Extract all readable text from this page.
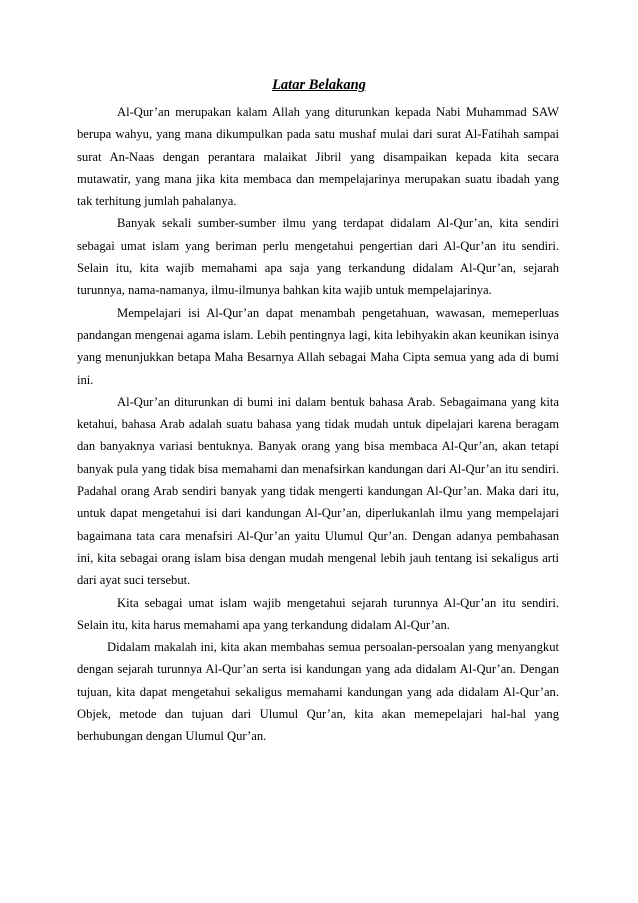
Latar Belakang

Al-Qur’an merupakan kalam Allah yang diturunkan kepada Nabi Muhammad SAW berupa wahyu, yang mana dikumpulkan pada satu mushaf mulai dari surat Al-Fatihah sampai surat An-Naas dengan perantara malaikat Jibril yang disampaikan kepada kita secara mutawatir, yang mana jika kita membaca dan mempelajarinya merupakan suatu ibadah yang tak terhitung jumlah pahalanya.

Banyak sekali sumber-sumber ilmu yang terdapat didalam Al-Qur’an, kita sendiri sebagai umat islam yang beriman perlu mengetahui pengertian dari Al-Qur’an itu sendiri. Selain itu, kita wajib memahami apa saja yang terkandung didalam Al-Qur’an, sejarah turunnya, nama-namanya, ilmu-ilmunya bahkan kita wajib untuk mempelajarinya.

Mempelajari isi Al-Qur’an dapat menambah pengetahuan, wawasan, memeperluas pandangan mengenai agama islam. Lebih pentingnya lagi, kita lebihyakin akan keunikan isinya yang menunjukkan betapa Maha Besarnya Allah sebagai Maha Cipta semua yang ada di bumi ini.

Al-Qur’an diturunkan di bumi ini dalam bentuk bahasa Arab. Sebagaimana yang kita ketahui, bahasa Arab adalah suatu bahasa yang tidak mudah untuk dipelajari karena beragam dan banyaknya variasi bentuknya. Banyak orang yang bisa membaca Al-Qur’an, akan tetapi banyak pula yang tidak bisa memahami dan menafsirkan kandungan dari Al-Qur’an itu sendiri. Padahal orang Arab sendiri banyak yang tidak mengerti kandungan Al-Qur’an. Maka dari itu, untuk dapat mengetahui isi dari kandungan Al-Qur’an, diperlukanlah ilmu yang mempelajari bagaimana tata cara menafsiri Al-Qur’an yaitu Ulumul Qur’an. Dengan adanya pembahasan ini, kita sebagai orang islam bisa dengan mudah mengenal lebih jauh tentang isi sekaligus arti dari ayat suci tersebut.

Kita sebagai umat islam wajib mengetahui sejarah turunnya Al-Qur’an itu sendiri. Selain itu, kita harus memahami apa yang terkandung didalam Al-Qur’an.

Didalam makalah ini, kita akan membahas semua persoalan-persoalan yang menyangkut dengan sejarah turunnya Al-Qur’an serta isi kandungan yang ada didalam Al-Qur’an. Dengan tujuan, kita dapat mengetahui sekaligus memahami kandungan yang ada didalam Al-Qur’an. Objek, metode dan tujuan dari Ulumul Qur’an, kita akan memepelajari hal-hal yang berhubungan dengan Ulumul Qur’an.
